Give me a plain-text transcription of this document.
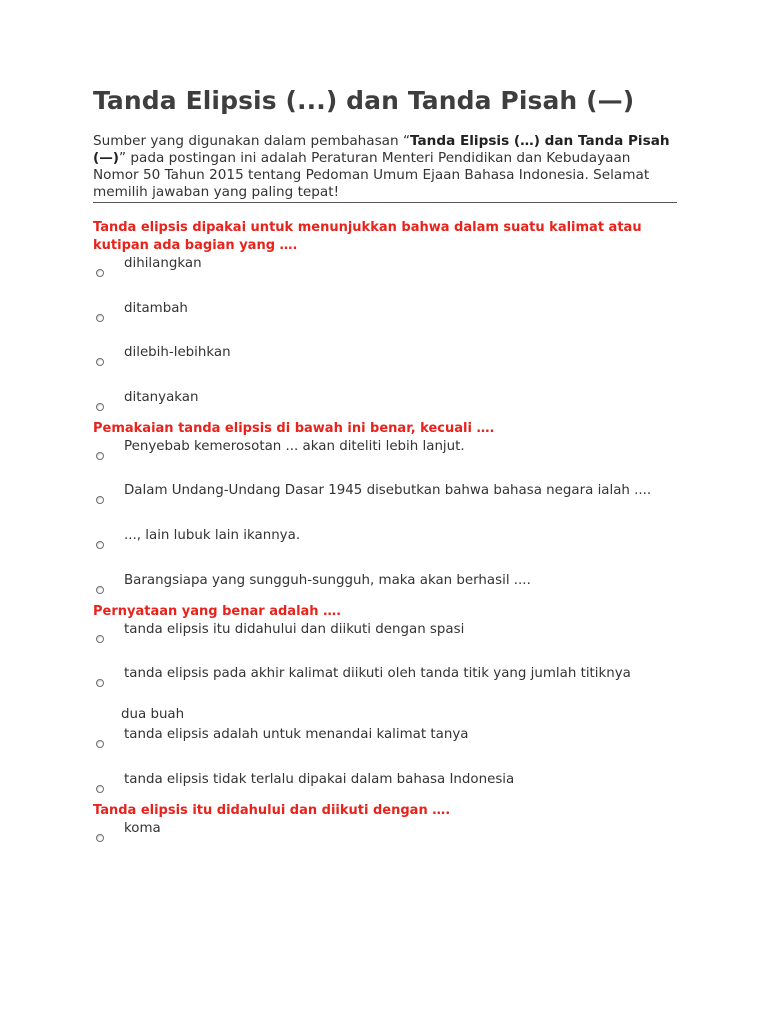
Tanda Elipsis (...) dan Tanda Pisah (—)
Sumber yang digunakan dalam pembahasan “Tanda Elipsis (…) dan Tanda Pisah (—)” pada postingan ini adalah Peraturan Menteri Pendidikan dan Kebudayaan Nomor 50 Tahun 2015 tentang Pedoman Umum Ejaan Bahasa Indonesia. Selamat memilih jawaban yang paling tepat!
Tanda elipsis dipakai untuk menunjukkan bahwa dalam suatu kalimat atau kutipan ada bagian yang ….
dihilangkan
ditambah
dilebih-lebihkan
ditanyakan
Pemakaian tanda elipsis di bawah ini benar, kecuali ….
Penyebab kemerosotan ... akan diteliti lebih lanjut.
Dalam Undang-Undang Dasar 1945 disebutkan bahwa bahasa negara ialah ....
..., lain lubuk lain ikannya.
Barangsiapa yang sungguh-sungguh, maka akan berhasil ....
Pernyataan yang benar adalah ….
tanda elipsis itu didahului dan diikuti dengan spasi
tanda elipsis pada akhir kalimat diikuti oleh tanda titik yang jumlah titiknya
dua buah
tanda elipsis adalah untuk menandai kalimat tanya
tanda elipsis tidak terlalu dipakai dalam bahasa Indonesia
Tanda elipsis itu didahului dan diikuti dengan ….
koma
